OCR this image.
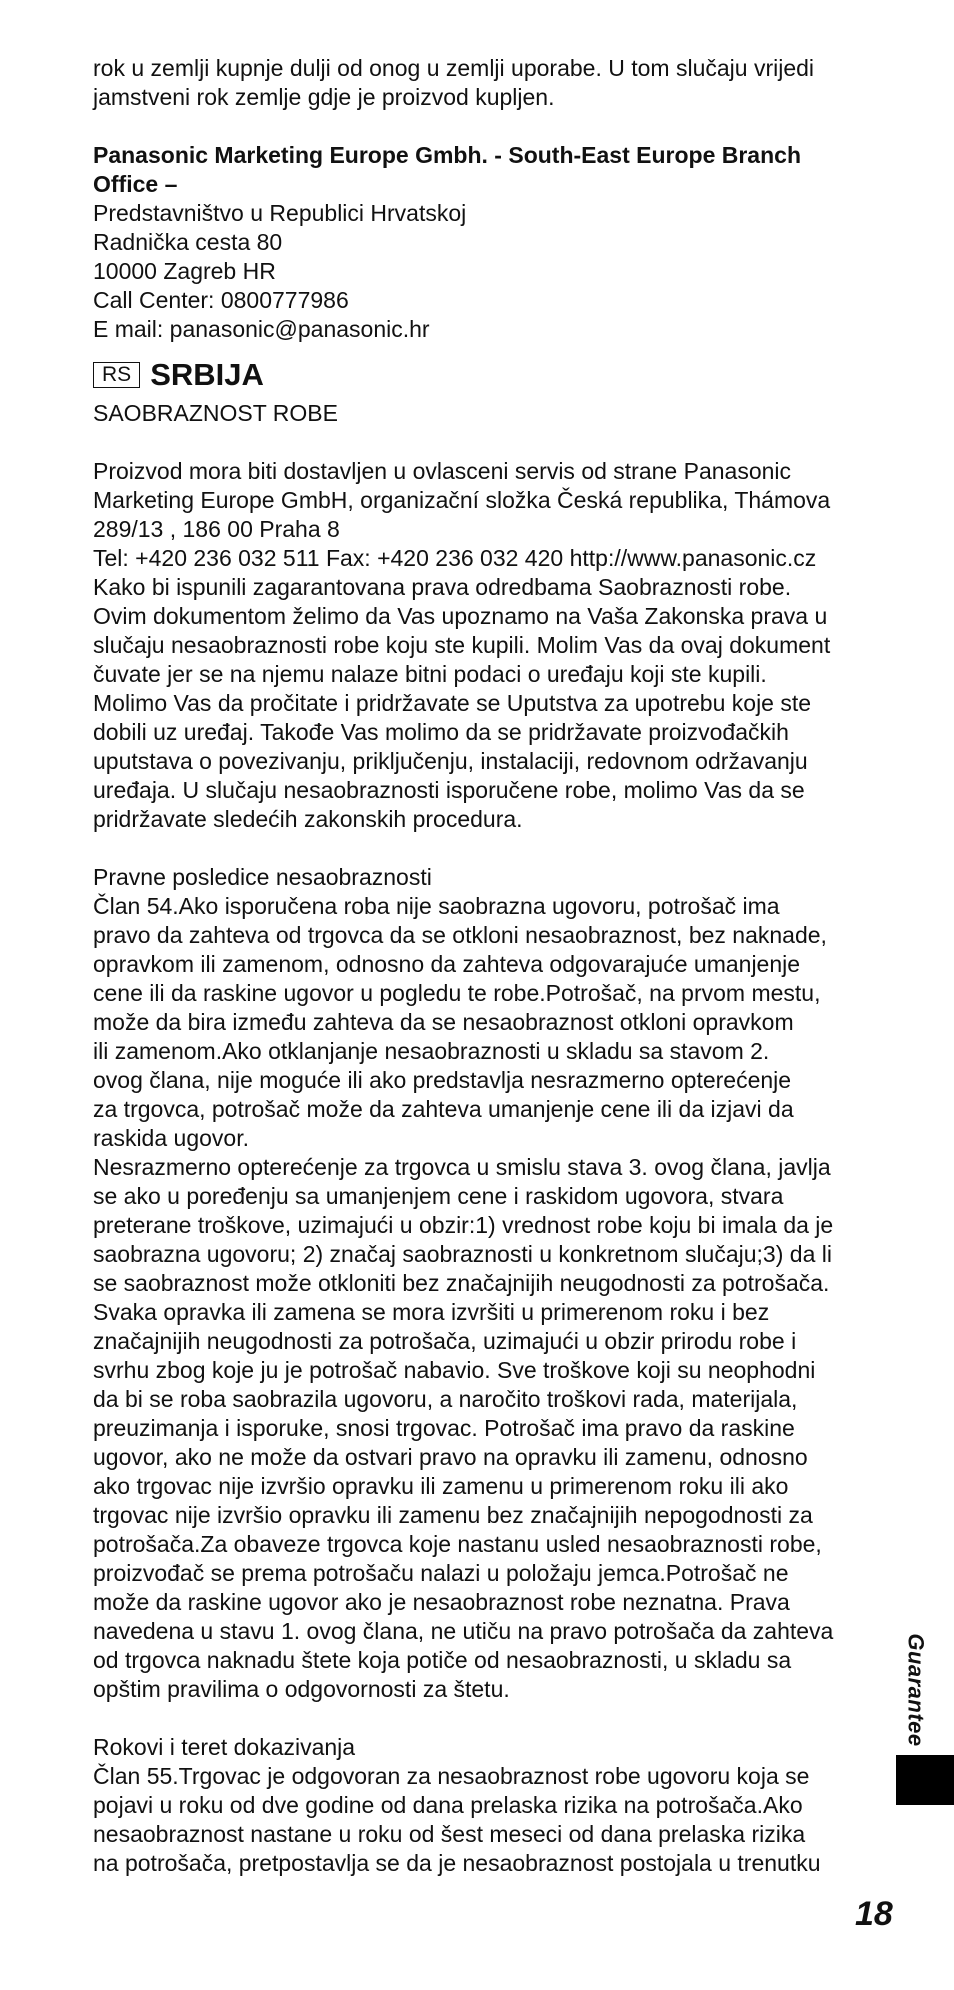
rok u zemlji kupnje dulji od onog u zemlji uporabe. U tom slučaju vrijedi
jamstveni rok zemlje gdje je proizvod kupljen.

Panasonic Marketing Europe Gmbh. - South-East Europe Branch
Office –

Predstavništvo u Republici Hrvatskoj
Radnička cesta 80
10000 Zagreb HR
Call Center: 0800777986
E mail: panasonic@panasonic.hr

RS SRBIJA

SAOBRAZNOST ROBE

Proizvod mora biti dostavljen u ovlasceni servis od strane Panasonic
Marketing Europe GmbH, organizační složka Česká republika, Thámova
289/13 , 186 00 Praha 8
Tel: +420 236 032 511 Fax: +420 236 032 420 http://www.panasonic.cz
Kako bi ispunili zagarantovana prava odredbama Saobraznosti robe.
Ovim dokumentom želimo da Vas upoznamo na Vaša Zakonska prava u
slučaju nesaobraznosti robe koju ste kupili. Molim Vas da ovaj dokument
čuvate jer se na njemu nalaze bitni podaci o uređaju koji ste kupili.
Molimo Vas da pročitate i pridržavate se Uputstva za upotrebu koje ste
dobili uz uređaj. Takođe Vas molimo da se pridržavate proizvođačkih
uputstava o povezivanju, priključenju, instalaciji, redovnom održavanju
uređaja. U slučaju nesaobraznosti isporučene robe, molimo Vas da se
pridržavate sledećih zakonskih procedura.

Pravne posledice nesaobraznosti
Član 54.Ako isporučena roba nije saobrazna ugovoru, potrošač ima
pravo da zahteva od trgovca da se otkloni nesaobraznost, bez naknade,
opravkom ili zamenom, odnosno da zahteva odgovarajuće umanjenje
cene ili da raskine ugovor u pogledu te robe.Potrošač, na prvom mestu,
može da bira između zahteva da se nesaobraznost otkloni opravkom
ili zamenom.Ako otklanjanje nesaobraznosti u skladu sa stavom 2.
ovog člana, nije moguće ili ako predstavlja nesrazmerno opterećenje
za trgovca, potrošač može da zahteva umanjenje cene ili da izjavi da
raskida ugovor.
Nesrazmerno opterećenje za trgovca u smislu stava 3. ovog člana, javlja
se ako u poređenju sa umanjenjem cene i raskidom ugovora, stvara
preterane troškove, uzimajući u obzir:1) vrednost robe koju bi imala da je
saobrazna ugovoru; 2) značaj saobraznosti u konkretnom slučaju;3) da li
se saobraznost može otkloniti bez značajnijih neugodnosti za potrošača.
Svaka opravka ili zamena se mora izvršiti u primerenom roku i bez
značajnijih neugodnosti za potrošača, uzimajući u obzir prirodu robe i
svrhu zbog koje ju je potrošač nabavio. Sve troškove koji su neophodni
da bi se roba saobrazila ugovoru, a naročito troškovi rada, materijala,
preuzimanja i isporuke, snosi trgovac. Potrošač ima pravo da raskine
ugovor, ako ne može da ostvari pravo na opravku ili zamenu, odnosno
ako trgovac nije izvršio opravku ili zamenu u primerenom roku ili ako
trgovac nije izvršio opravku ili zamenu bez značajnijih nepogodnosti za
potrošača.Za obaveze trgovca koje nastanu usled nesaobraznosti robe,
proizvođač se prema potrošaču nalazi u položaju jemca.Potrošač ne
može da raskine ugovor ako je nesaobraznost robe neznatna. Prava
navedena u stavu 1. ovog člana, ne utiču na pravo potrošača da zahteva
od trgovca naknadu štete koja potiče od nesaobraznosti, u skladu sa
opštim pravilima o odgovornosti za štetu.

Rokovi i teret dokazivanja
Član 55.Trgovac je odgovoran za nesaobraznost robe ugovoru koja se
pojavi u roku od dve godine od dana prelaska rizika na potrošača.Ako
nesaobraznost nastane u roku od šest meseci od dana prelaska rizika
na potrošača, pretpostavlja se da je nesaobraznost postojala u trenutku

Guarantee
18
